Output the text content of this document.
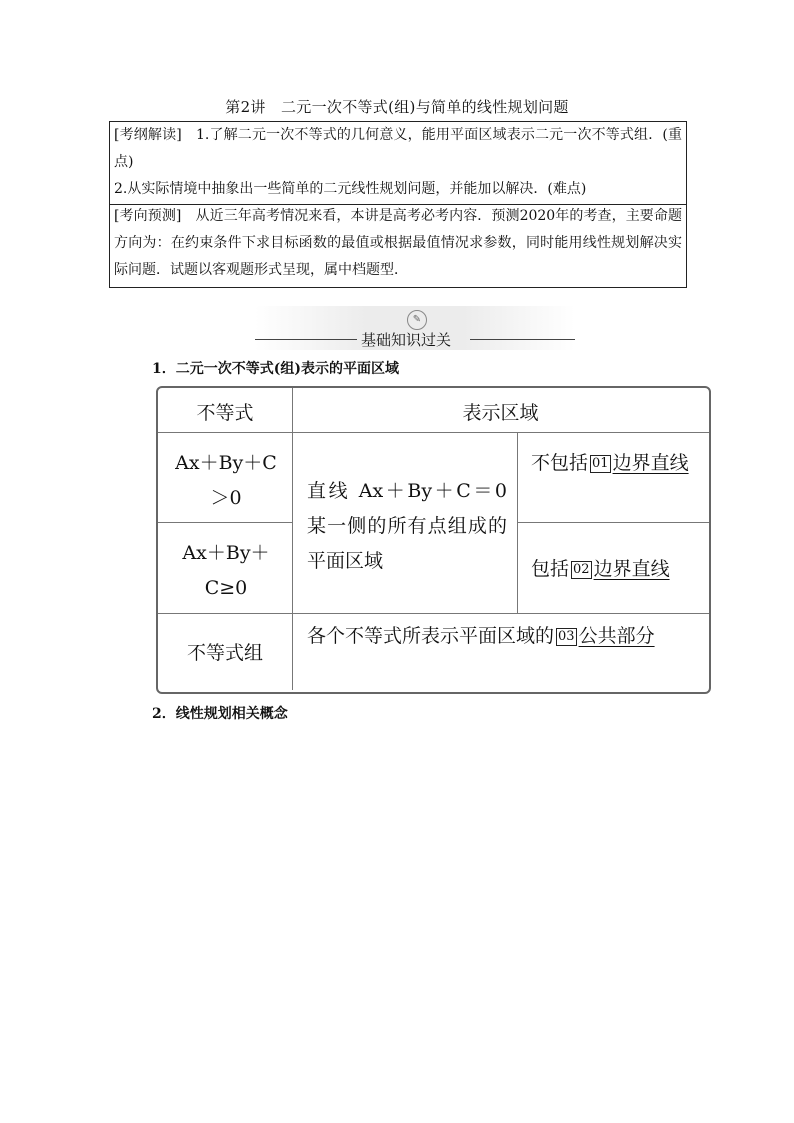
第2讲　二元一次不等式(组)与简单的线性规划问题

[考纲解读]　1.了解二元一次不等式的几何意义，能用平面区域表示二元一次不等式组．(重点)

2.从实际情境中抽象出一些简单的二元线性规划问题，并能加以解决．(难点)

[考向预测]　从近三年高考情况来看，本讲是高考必考内容．预测2020年的考查，主要命题方向为：在约束条件下求目标函数的最值或根据最值情况求参数，同时能用线性规划解决实际问题．试题以客观题形式呈现，属中档题型．

✎
基础知识过关
1．二元一次不等式(组)表示的平面区域
不等式	表示区域
Ax＋By＋C＞0
Ax＋By＋C≥0
直线 Ax＋By＋C＝0 某一侧的所有点组成的平面区域
不包括 01 边界直线
包括 02 边界直线
不等式组
各个不等式所表示平面区域的 03 公共部分
2．线性规划相关概念
